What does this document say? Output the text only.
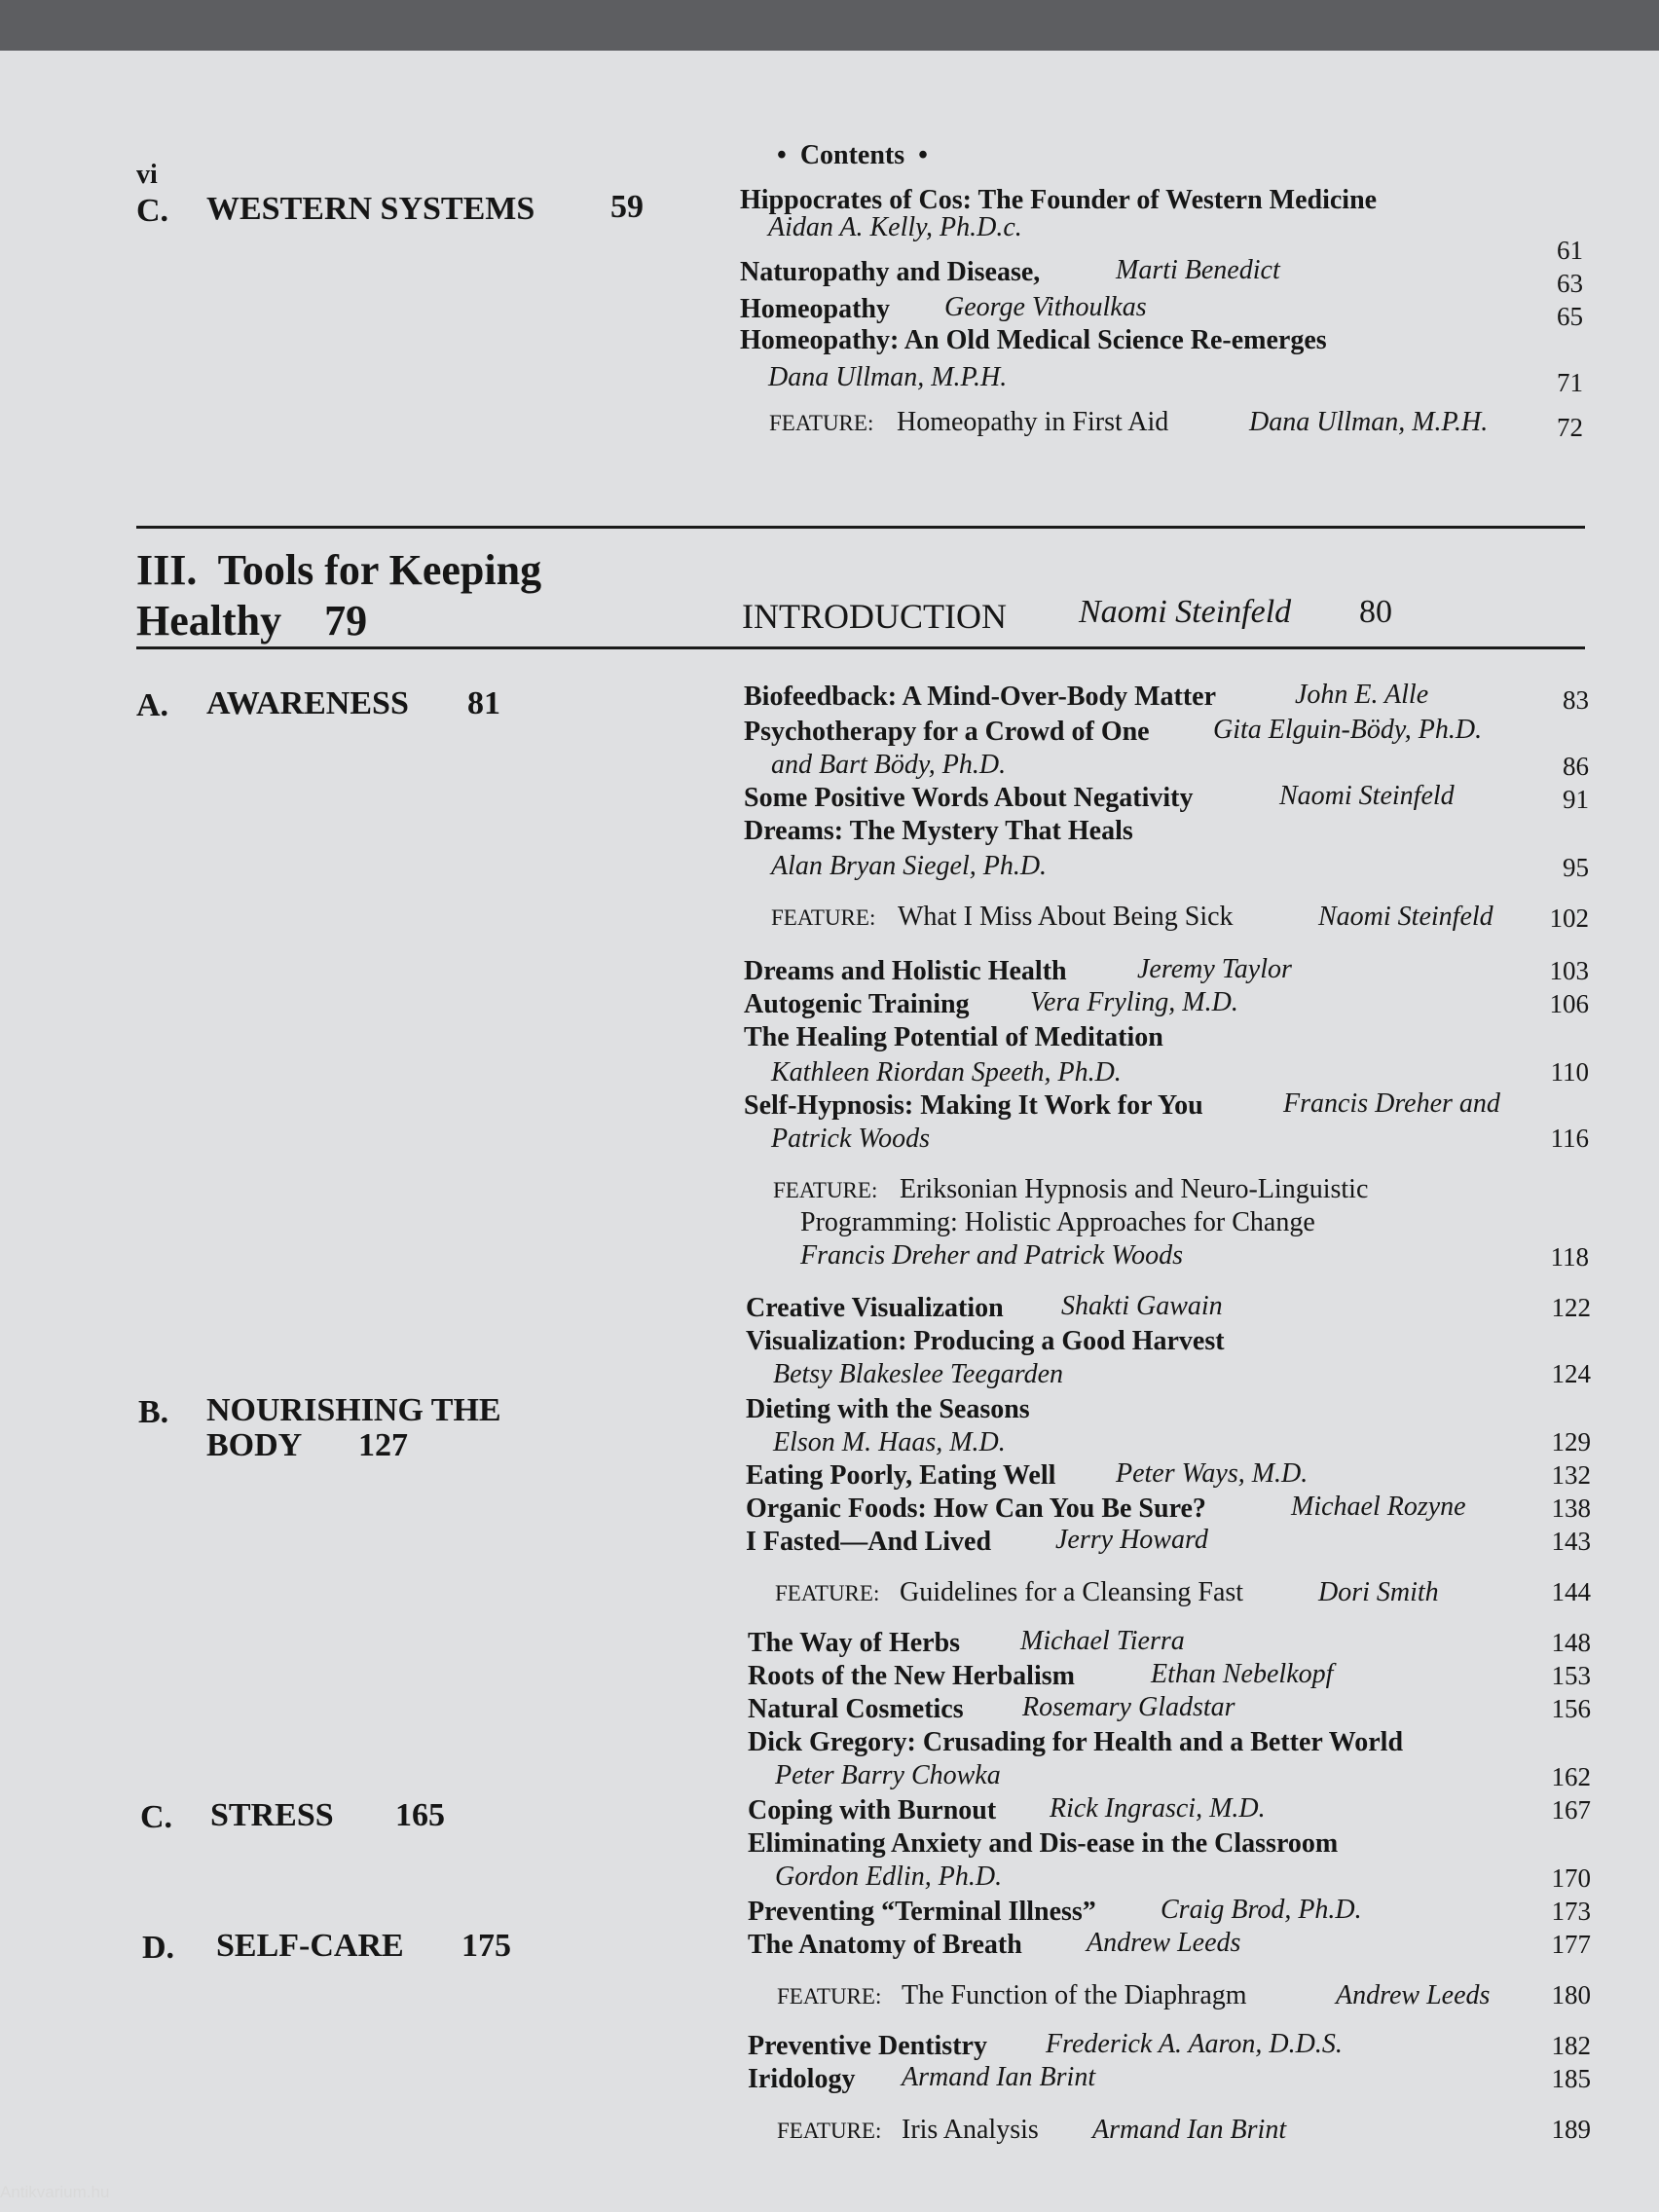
vi
• Contents •
C. WESTERN SYSTEMS 59	Hippocrates of Cos: The Founder of Western Medicine
Aidan A. Kelly, Ph.D.c.
61
Naturopathy and Disease,	Marti Benedict	63
Homeopathy George Vithoulkas	65
Homeopathy: An Old Medical Science Re-emerges
Dana Ullman, M.P.H.	71
FEATURE: Homeopathy in First Aid	Dana Ullman, M.P.H.	72
III. Tools for Keeping
Healthy 79	INTRODUCTION Naomi Steinfeld 80
A. AWARENESS 81
B. NOURISHING THE
BODY 127
C. STRESS 165
D. SELF-CARE 175
Biofeedback: A Mind-Over-Body Matter	John E. Alle	83
Psychotherapy for a Crowd of One Gita Elguin-Bödy, Ph.D.
and Bart Bödy, Ph.D.	86
Some Positive Words About Negativity	Naomi Steinfeld	91
Dreams: The Mystery That Heals
Alan Bryan Siegel, Ph.D.	95
FEATURE: What I Miss About Being Sick	Naomi Steinfeld	102
Dreams and Holistic Health	Jeremy Taylor	103
Autogenic Training Vera Fryling, M.D.	106
The Healing Potential of Meditation
Kathleen Riordan Speeth, Ph.D.	110
Self-Hypnosis: Making It Work for You	Francis Dreher and
Patrick Woods	116
FEATURE: Eriksonian Hypnosis and Neuro-Linguistic
Programming: Holistic Approaches for Change
Francis Dreher and Patrick Woods	118
Creative Visualization Shakti Gawain	122
Visualization: Producing a Good Harvest
Betsy Blakeslee Teegarden	124
Dieting with the Seasons
Elson M. Haas, M.D.	129
Eating Poorly, Eating Well Peter Ways, M.D.	132
Organic Foods: How Can You Be Sure?	Michael Rozyne	138
I Fasted—And Lived Jerry Howard	143
FEATURE: Guidelines for a Cleansing Fast	Dori Smith	144
The Way of Herbs Michael Tierra	148
Roots of the New Herbalism	Ethan Nebelkopf	153
Natural Cosmetics Rosemary Gladstar	156
Dick Gregory: Crusading for Health and a Better World
Peter Barry Chowka	162
Coping with Burnout Rick Ingrasci, M.D.	167
Eliminating Anxiety and Dis-ease in the Classroom
Gordon Edlin, Ph.D.	170
Preventing “Terminal Illness” Craig Brod, Ph.D.	173
The Anatomy of Breath Andrew Leeds	177
FEATURE: The Function of the Diaphragm	Andrew Leeds	180
Preventive Dentistry Frederick A. Aaron, D.D.S.	182
Iridology Armand Ian Brint	185
FEATURE: Iris Analysis Armand Ian Brint	189
Antikvarium.hu
